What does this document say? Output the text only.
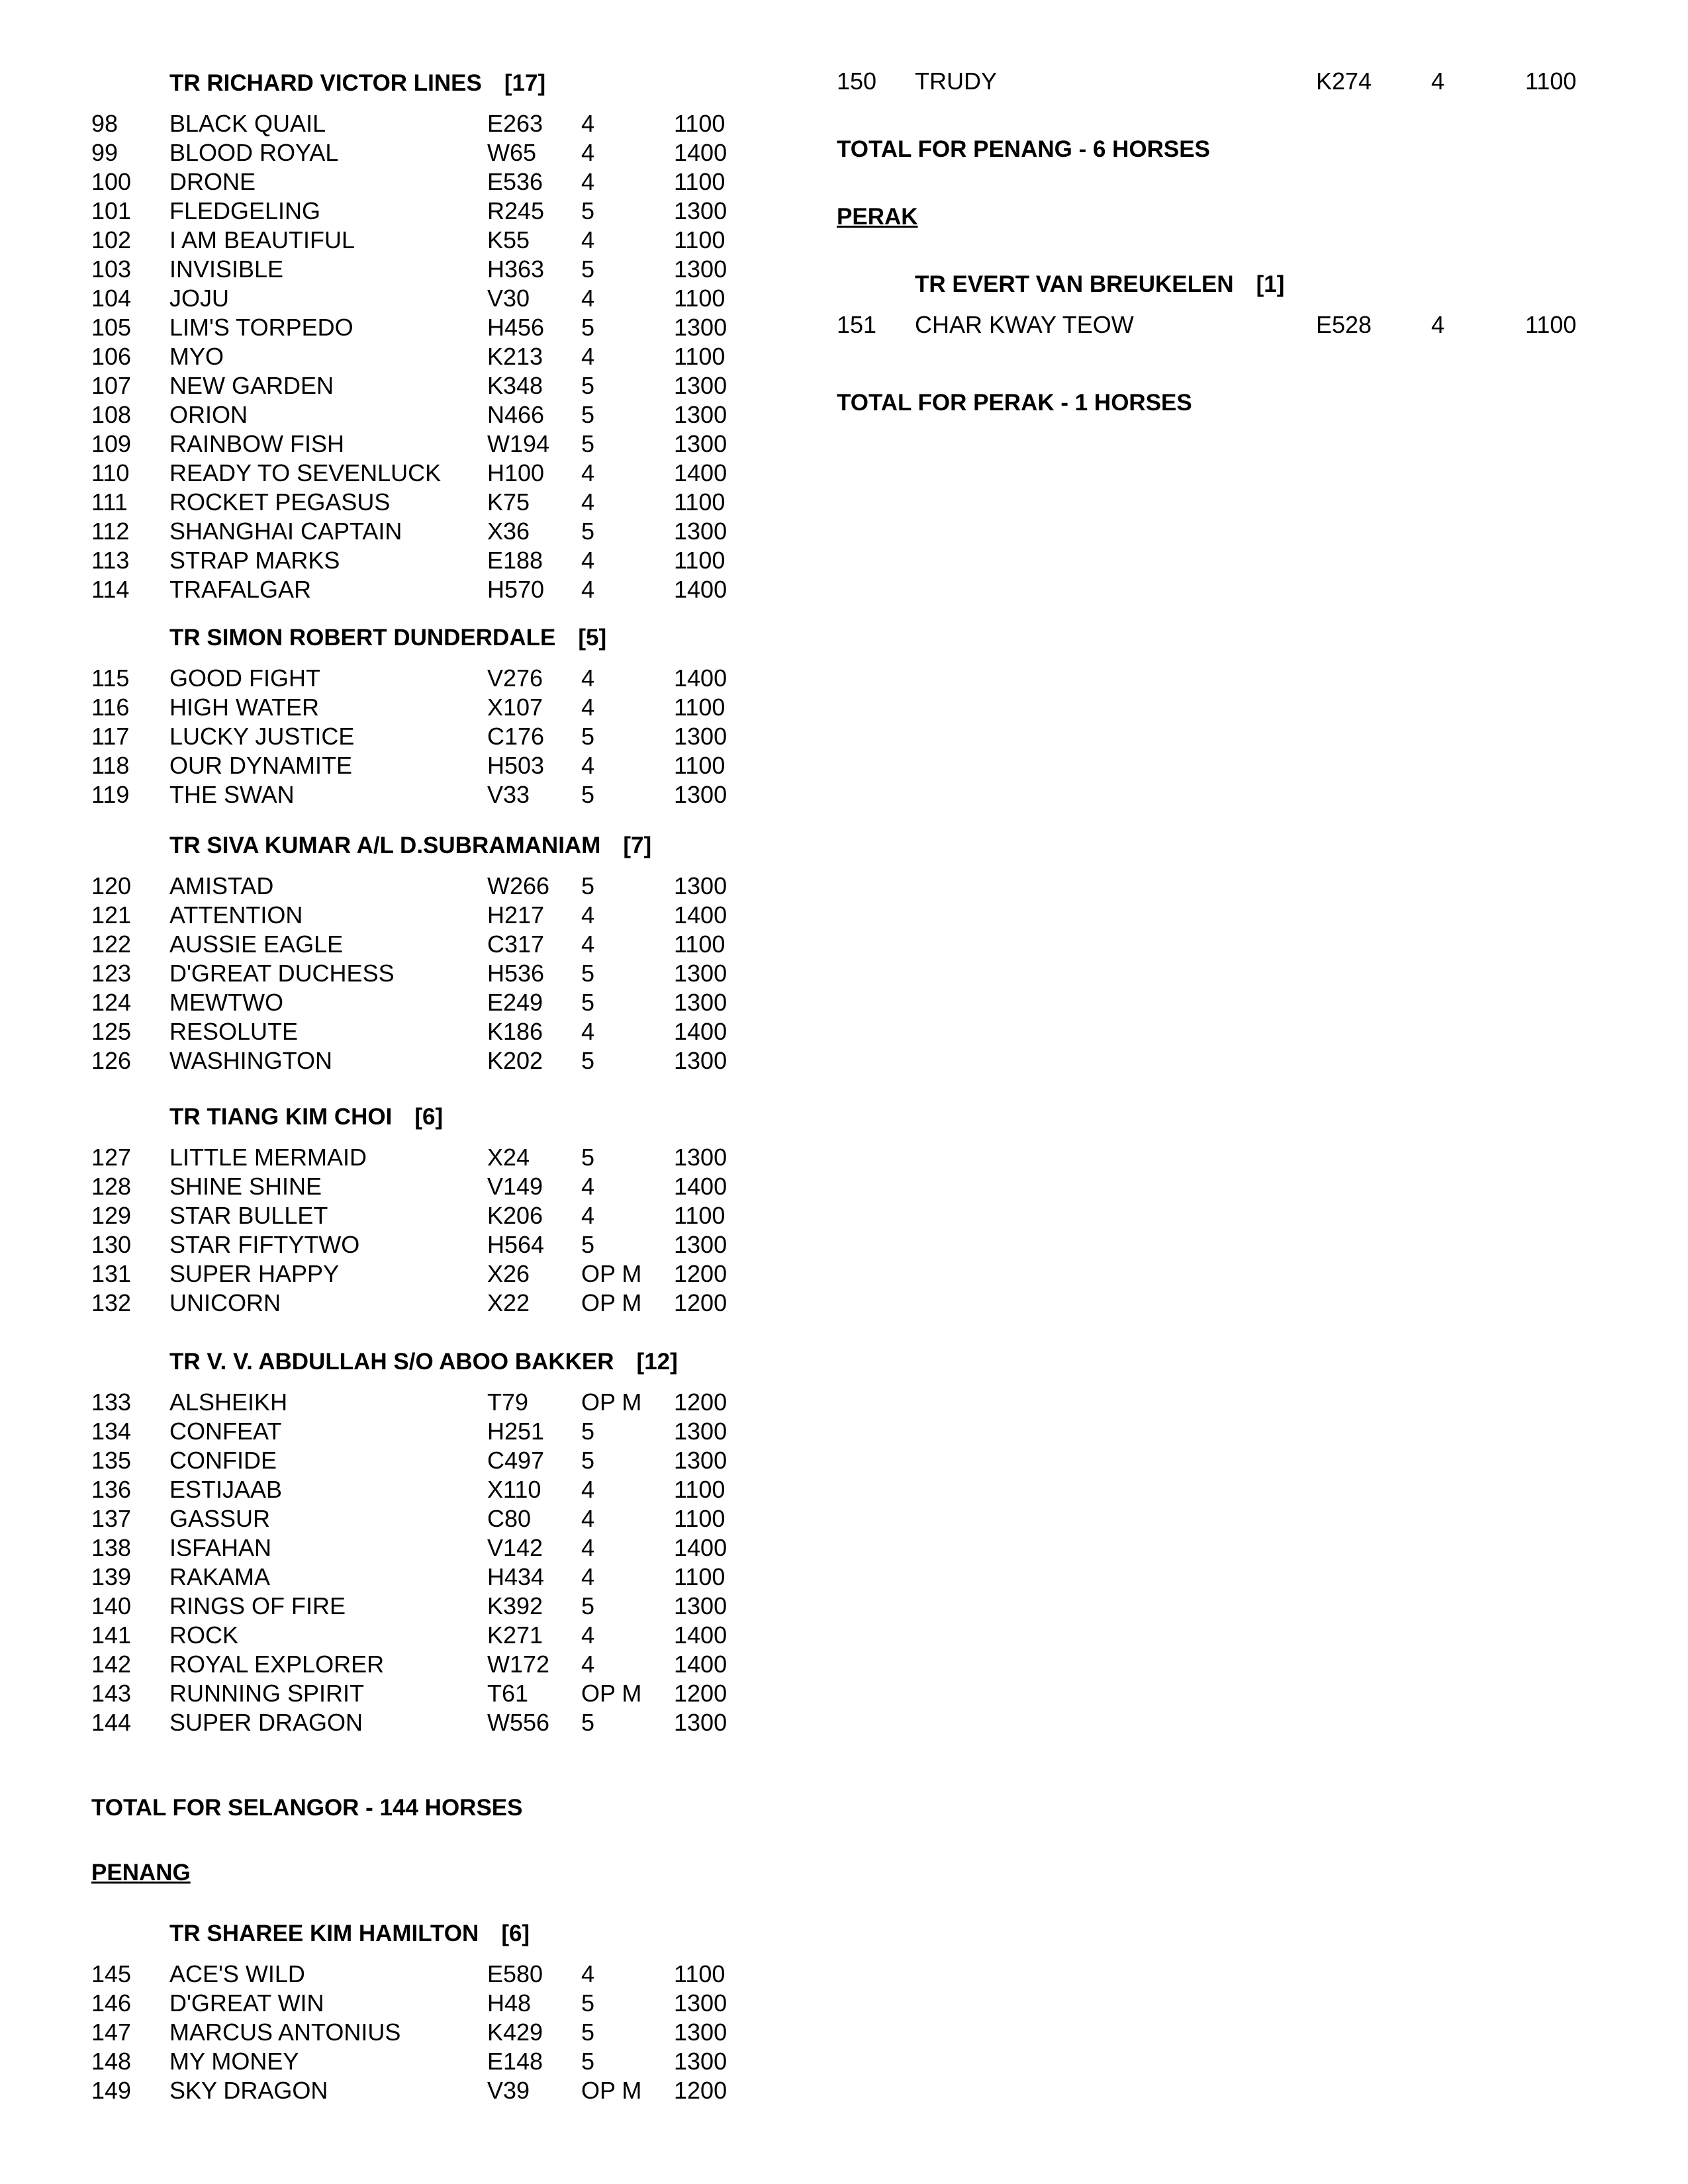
TR RICHARD VICTOR LINES [17]
98 BLACK QUAIL	E263 4	1100
99 BLOOD ROYAL	W65 4	1400
100 DRONE	E536 4	1100
101 FLEDGELING	R245 5	1300
102 I AM BEAUTIFUL	K55 4	1100
103 INVISIBLE	H363 5	1300
104 JOJU	V30 4	1100
105 LIM'S TORPEDO	H456 5	1300
106 MYO	K213 4	1100
107 NEW GARDEN	K348 5	1300
108 ORION	N466 5	1300
109 RAINBOW FISH	W194 5	1300
110 READY TO SEVENLUCK H100 4	1400
111 ROCKET PEGASUS	K75 4	1100
112 SHANGHAI CAPTAIN	X36 5	1300
113 STRAP MARKS	E188 4	1100
114 TRAFALGAR	H570 4	1400
TR SIMON ROBERT DUNDERDALE [5]
115 GOOD FIGHT	V276 4	1400
116 HIGH WATER	X107 4	1100
117 LUCKY JUSTICE	C176 5	1300
118 OUR DYNAMITE	H503 4	1100
119 THE SWAN	V33 5	1300
TR SIVA KUMAR A/L D.SUBRAMANIAM [7]
120 AMISTAD	W266 5	1300
121 ATTENTION	H217 4	1400
122 AUSSIE EAGLE	C317 4	1100
123 D'GREAT DUCHESS	H536 5	1300
124 MEWTWO	E249 5	1300
125 RESOLUTE	K186 4	1400
126 WASHINGTON	K202 5	1300
TR TIANG KIM CHOI [6]
127 LITTLE MERMAID	X24 5	1300
128 SHINE SHINE	V149 4	1400
129 STAR BULLET	K206 4	1100
130 STAR FIFTYTWO	H564 5	1300
131 SUPER HAPPY	X26 OP M 1200
132 UNICORN	X22 OP M 1200
TR V. V. ABDULLAH S/O ABOO BAKKER [12]
133 ALSHEIKH	T79 OP M 1200
134 CONFEAT	H251 5	1300
135 CONFIDE	C497 5	1300
136 ESTIJAAB	X110 4	1100
137 GASSUR	C80 4	1100
138 ISFAHAN	V142 4	1400
139 RAKAMA	H434 4	1100
140 RINGS OF FIRE	K392 5	1300
141 ROCK	K271 4	1400
142 ROYAL EXPLORER	W172 4	1400
143 RUNNING SPIRIT	T61 OP M 1200
144 SUPER DRAGON	W556 5	1300
TOTAL FOR SELANGOR - 144 HORSES
PENANG
TR SHAREE KIM HAMILTON [6]
145 ACE'S WILD	E580 4	1100
146 D'GREAT WIN	H48 5	1300
147 MARCUS ANTONIUS	K429 5	1300
148 MY MONEY	E148 5	1300
149 SKY DRAGON	V39 OP M 1200
150 TRUDY	K274 4	1100
TOTAL FOR PENANG - 6 HORSES
PERAK
TR EVERT VAN BREUKELEN [1]
151 CHAR KWAY TEOW	E528 4	1100
TOTAL FOR PERAK - 1 HORSES
